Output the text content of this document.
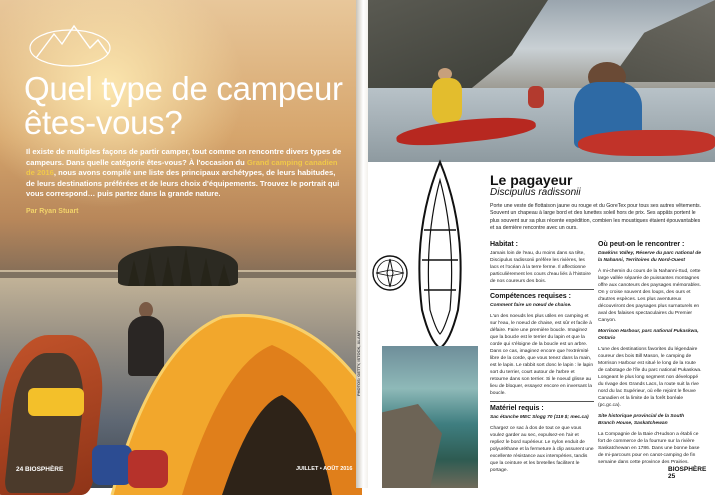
Quel type de campeur êtes-vous?

Il existe de multiples façons de partir camper, tout comme on rencontre divers types de campeurs. Dans quelle catégorie êtes-vous? À l'occasion du Grand camping canadien de 2016, nous avons compilé une liste des principaux archétypes, de leurs habitudes, de leurs destinations préférées et de leurs choix d'équipements. Trouvez le portrait qui vous correspond… puis partez dans la grande nature.

Par Ryan Stuart

24 BIOSPHÈRE	JUILLET • AOÛT 2016
Le pagayeur

Discipulus radissonii

Porte une veste de flottaison jaune ou rouge et du GoreTex pour tous ses autres vêtements. Souvent un chapeau à large bord et des lunettes soleil hors de prix. Ses appâts portent le plus souvent sur sa plus récente expédition, combien les moustiques étaient épouvantables et sa dernière rencontre avec un ours.

Habitat :

Jamais loin de l'eau, du moins dans sa tête, Discipulus radissonii préfère les rivières, les lacs et l'océan à la terre ferme. Il affectionne particulièrement les cours d'eau liés à l'histoire de nos coureurs des bois.

Compétences requises :

Comment faire un nœud de chaise.

L'un des noeuds les plus utiles en camping et sur l'eau, le noeud de chaise, est sûr et facile à défaire. Faire une première boucle. Imaginez que la boucle est le terrier du lapin et que la corde qui s'éloigne de la boucle est un arbre. Dans ce cas, imaginez encore que l'extrémité libre de la corde, que vous tenez dans la main, est le lapin. Le rabbit sort donc le lapin : le lapin sort du terrier, court autour de l'arbre et retourne dans son terrier. Si le noeud glisse au lieu de bloquer, essayez encore en inversant la boucle.

Matériel requis :

Sac étanche MEC Slogg 70 (119 $; mec.ca)

Chargez ce sac à dos de tout ce que vous voulez garder au sec, expulsez-en l'air et repliez le bord supérieur. Le nylon enduit de polyuréthane et la fermeture à clip assurent une excellente résistance aux intempéries, tandis que la ceinture et les bretelles facilitent le portage.

Où peut-on le rencontrer :

Dawkins Valley, Réserve du parc national de la Nahanni, Territoires du Nord-Ouest

À mi-chemin du cours de la Nahanni-Sud, cette large vallée séparée de puissantes montagnes offre aux canoteurs des paysages mémorables. On y croise souvent des loups, des ours et d'autres espèces. Les plus aventureux découvriront des paysages plus surnaturels en aval des falaises spectaculaires du Premier Canyon.

Morrison Harbour, parc national Pukaskwa, Ontario

L'une des destinations favorites du légendaire coureur des bois Bill Mason, le camping de Morrison Harbour est situé le long de la route de cabotage de l'île du parc national Pukaskwa. Longeant le plus long segment non développé du rivage des Grands Lacs, la route suit la rive nord du lac Supérieur, où elle rejoint le fleuve Canadien et la limite de la forêt boréale (pc.gc.ca).

Site historique provincial de la South Branch House, Saskatchewan

La Compagnie de la Baie d'Hudson a établi ce fort de commerce de la fourrure sur la rivière Saskatchewan en 1786. Dans une bonne base de mi-parcours pour en canot-camping de fin semaine dans cette province des Prairies.

PHOTOS: GETTY, ISTOCK, ALAMY
BIOSPHÈRE 25
